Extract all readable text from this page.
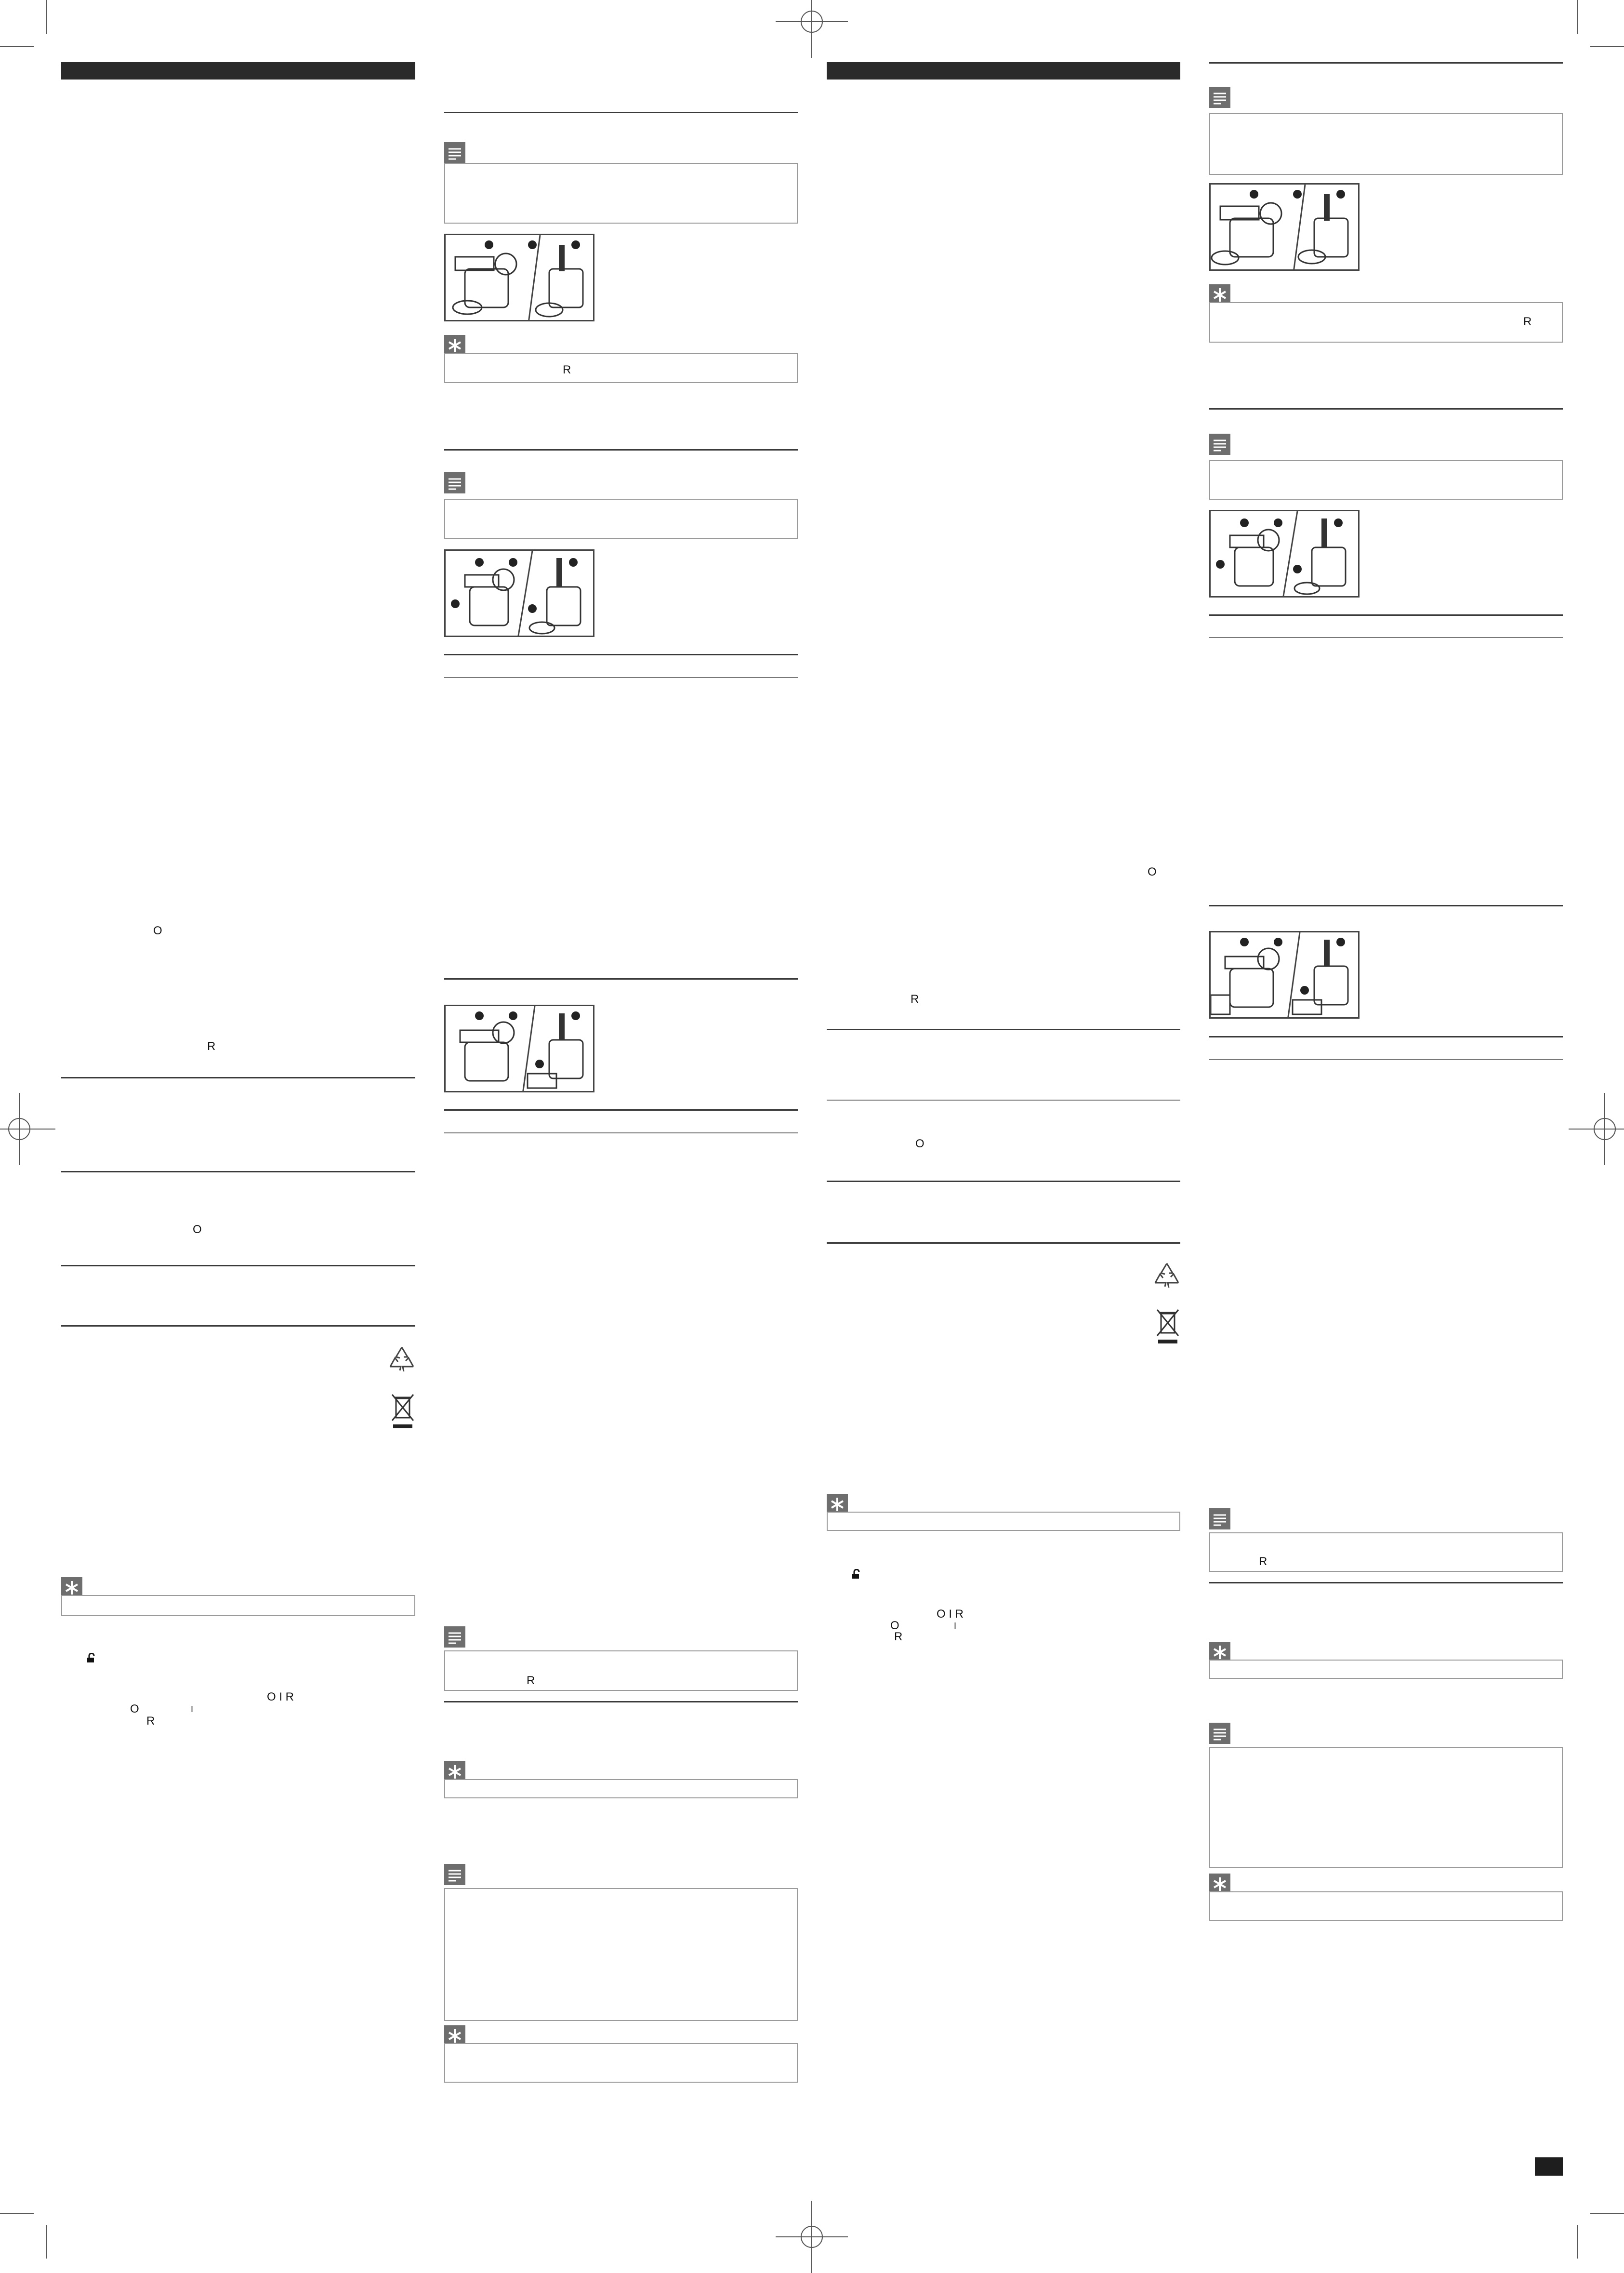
O
R
O
O I R
O	I
R
R
R
O
R
O
O I R
O	I
R
R
R
